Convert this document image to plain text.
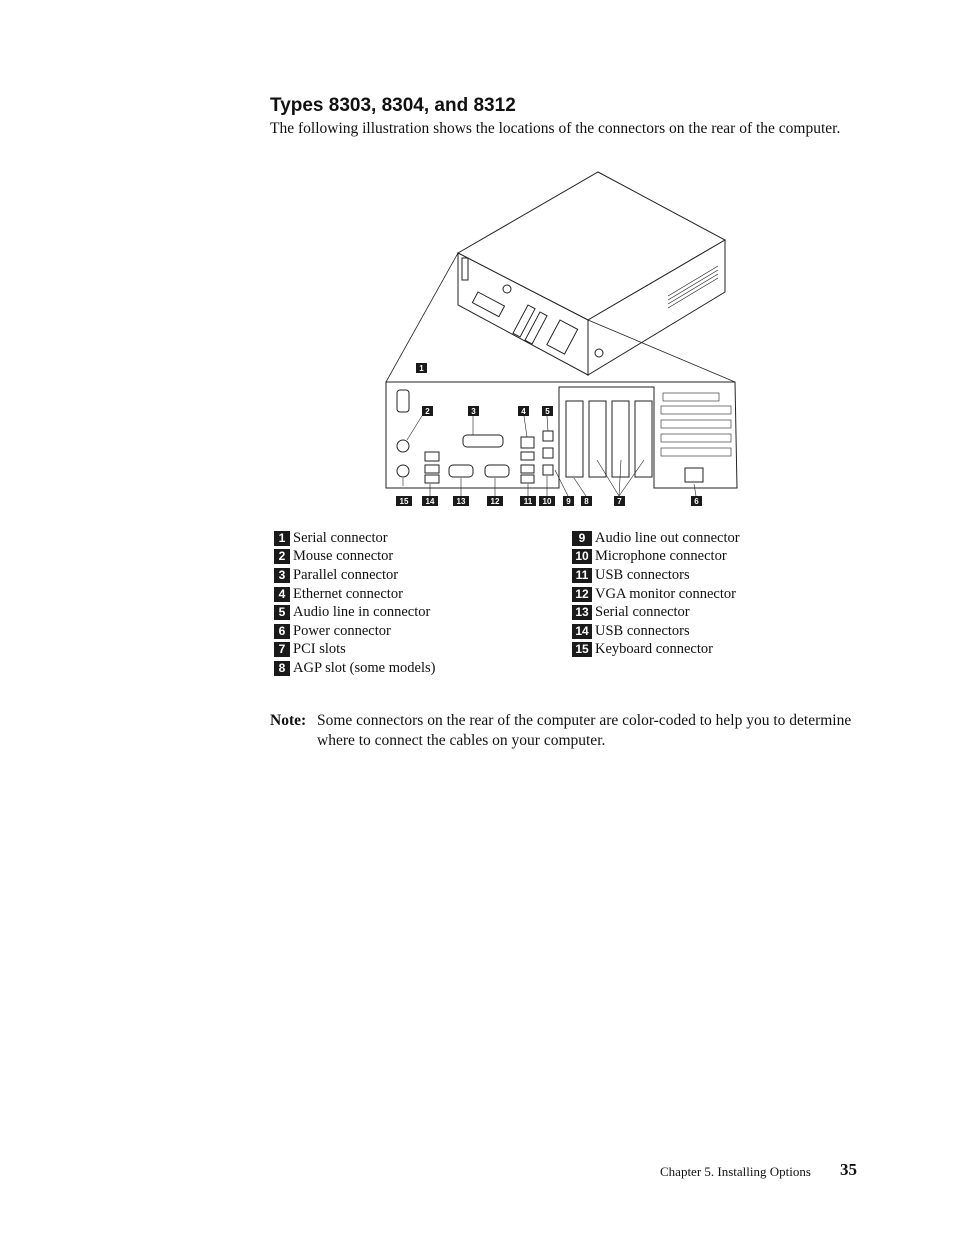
Types 8303, 8304, and 8312

The following illustration shows the locations of the connectors on the rear of the computer.

1
2	3	4 5
15 14	13	12	11 10 9 8	7	6
1 Serial connector
2 Mouse connector
3 Parallel connector
4 Ethernet connector
5 Audio line in connector
6 Power connector
7 PCI slots
8 AGP slot (some models)
9 Audio line out connector
10 Microphone connector
11 USB connectors
12 VGA monitor connector
13 Serial connector
14 USB connectors
15 Keyboard connector
Note: Some connectors on the rear of the computer are color-coded to help you to determine where to connect the cables on your computer.
Chapter 5. Installing Options 35
